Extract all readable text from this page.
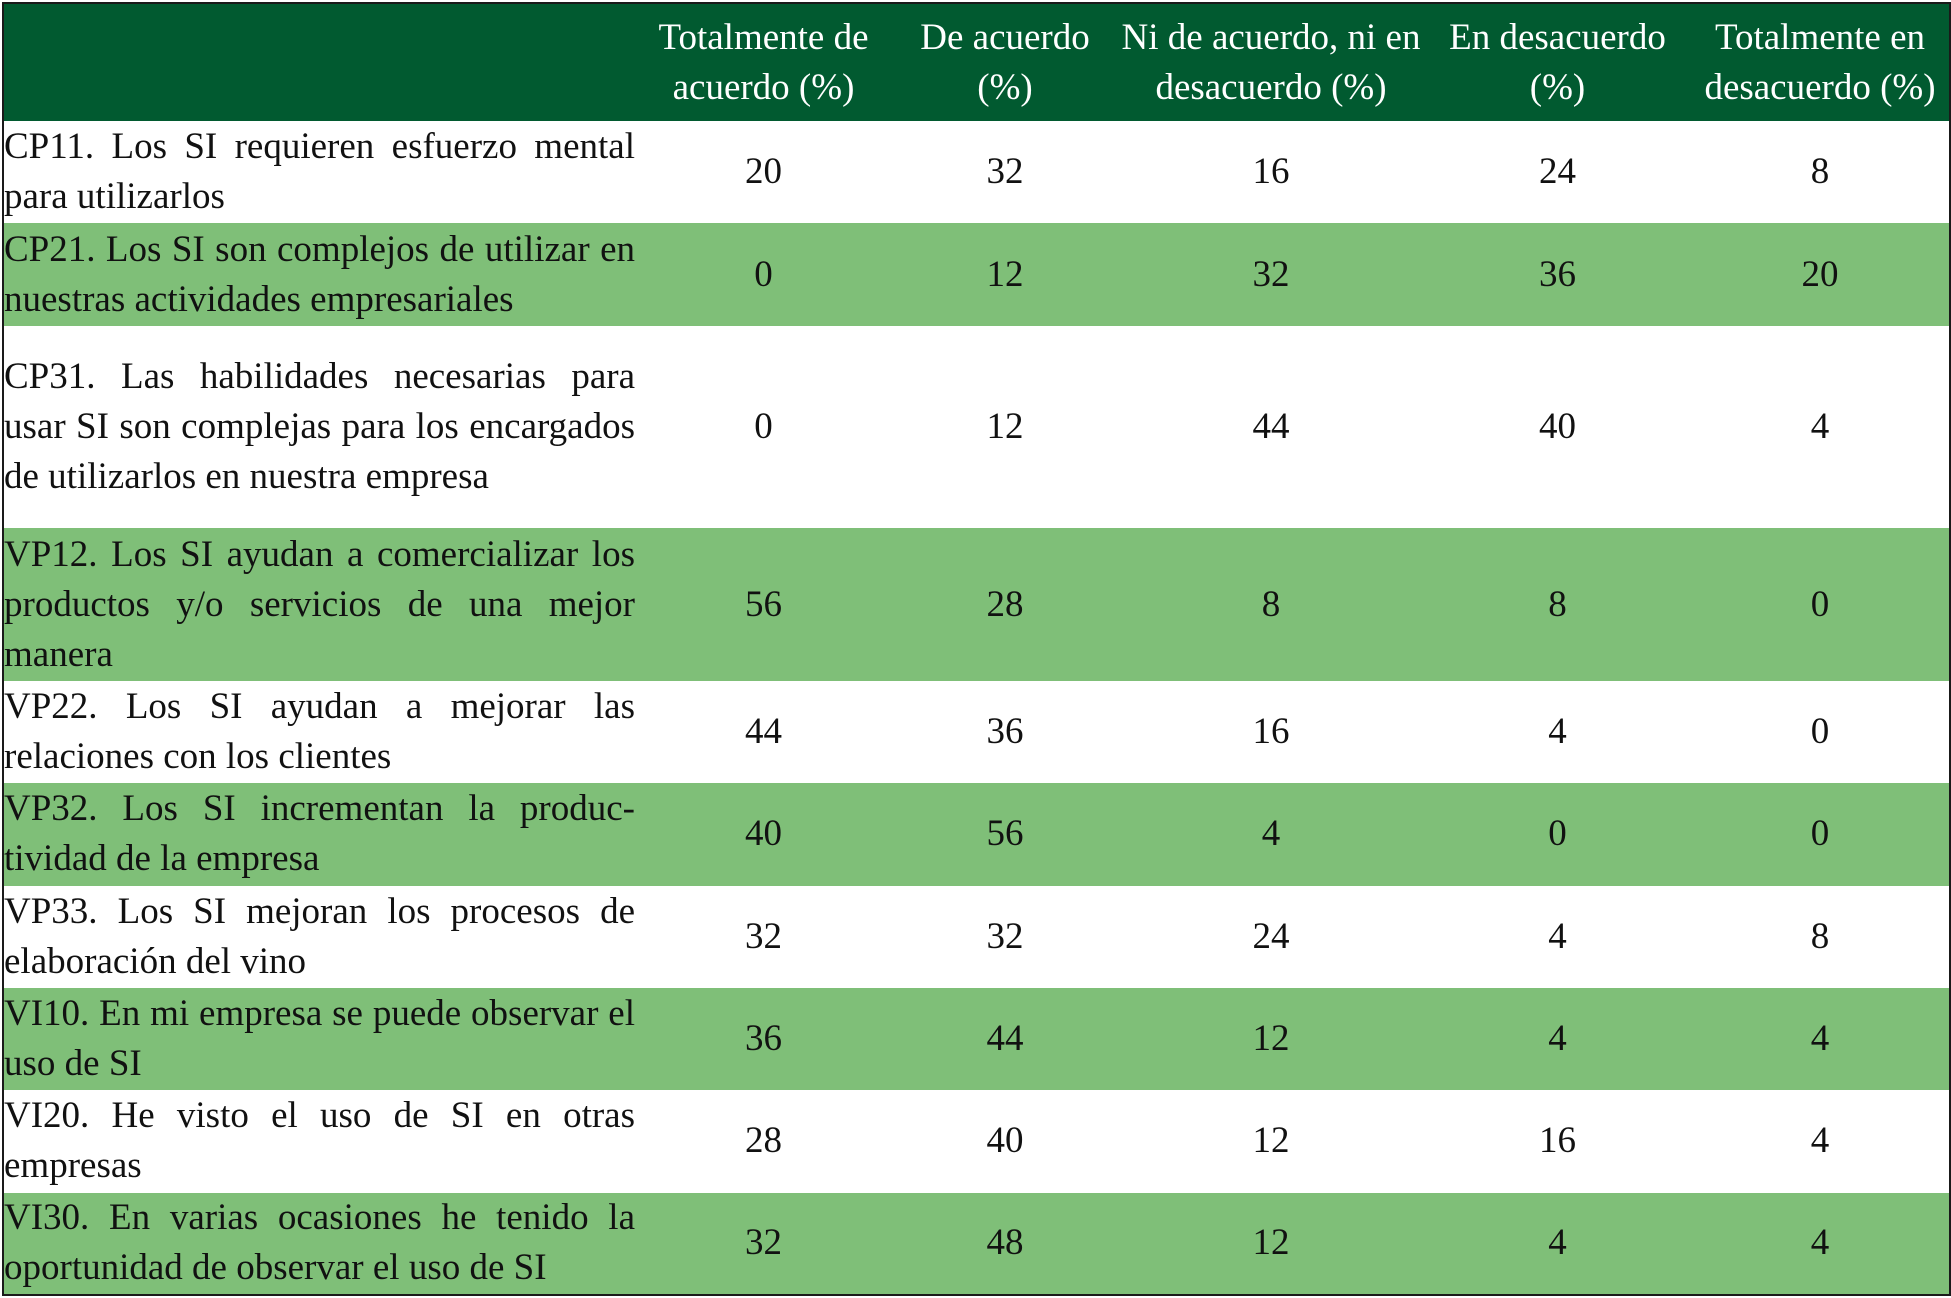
	Totalmente de acuerdo (%)	De acuerdo (%)	Ni de acuerdo, ni en desacuerdo (%)	En desacuerdo (%)	Totalmente en desacuerdo (%)
CP11. Los SI requieren esfuerzo mental para utilizarlos	20	32	16	24	8
CP21. Los SI son complejos de utilizar en nuestras actividades empresariales	0	12	32	36	20
CP31. Las habilidades necesarias para usar SI son complejas para los encargados de utilizarlos en nuestra empresa	0	12	44	40	4
VP12. Los SI ayudan a comercializar los productos y/o servicios de una mejor manera	56	28	8	8	0
VP22. Los SI ayudan a mejorar las relaciones con los clientes	44	36	16	4	0
VP32. Los SI incrementan la productividad de la empresa	40	56	4	0	0
VP33. Los SI mejoran los procesos de elaboración del vino	32	32	24	4	8
VI10. En mi empresa se puede observar el uso de SI	36	44	12	4	4
VI20. He visto el uso de SI en otras empresas	28	40	12	16	4
VI30. En varias ocasiones he tenido la oportunidad de observar el uso de SI	32	48	12	4	4
